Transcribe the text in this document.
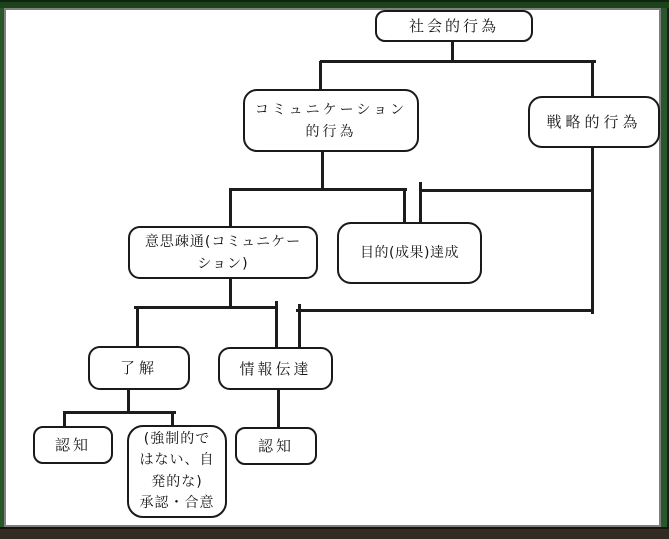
社会的行為
コミュニケーション
的行為
戦略的行為
意思疎通(コミュニケー
ション)
目的(成果)達成
了解	情報伝達
認知	(強制的で
はない、自
発的な)
承認・合意
認知
